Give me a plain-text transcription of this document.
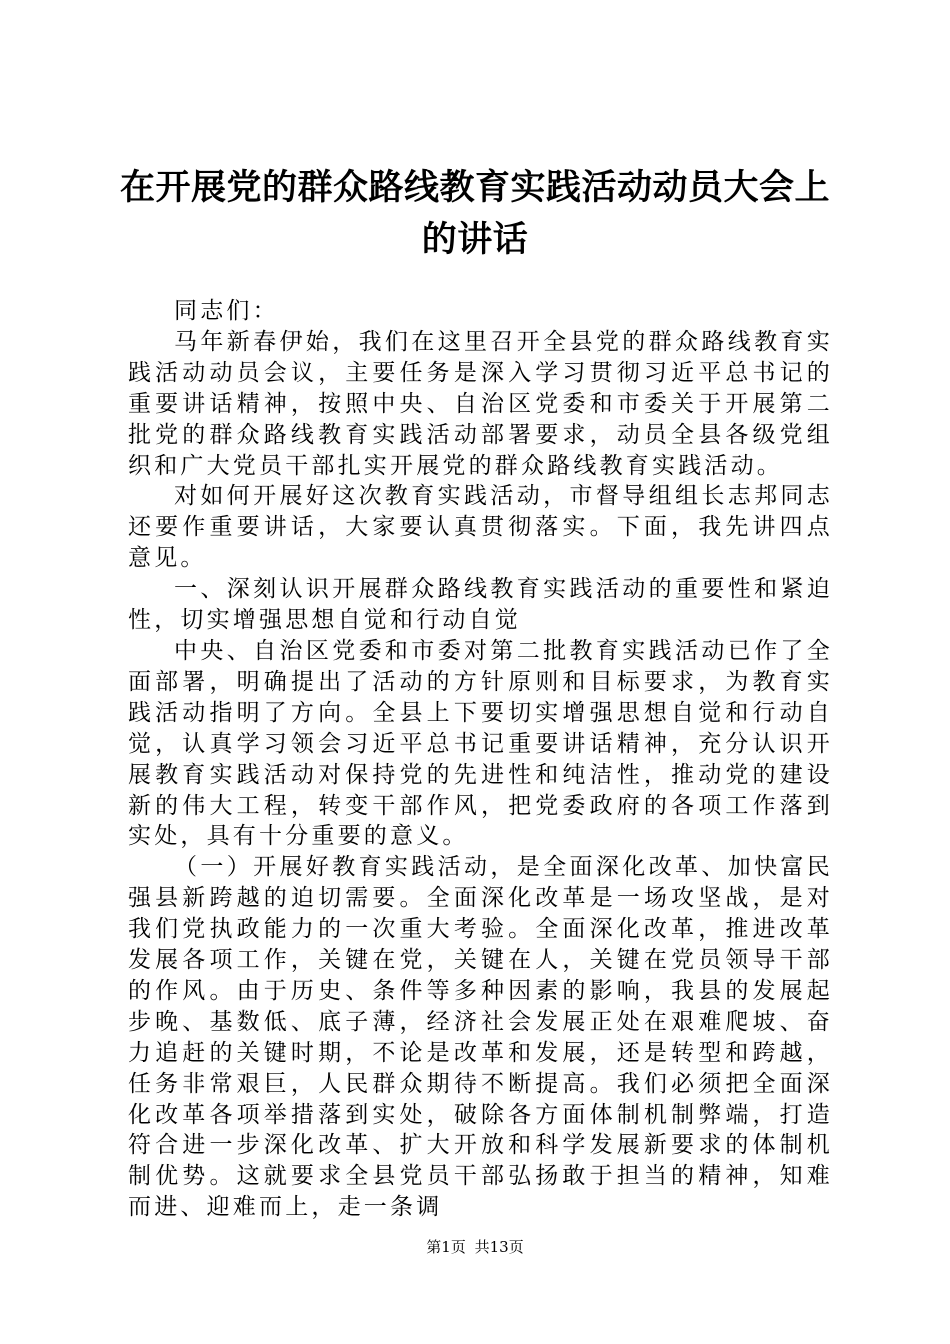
在开展党的群众路线教育实践活动动员大会上的讲话

同志们：

马年新春伊始，我们在这里召开全县党的群众路线教育实践活动动员会议，主要任务是深入学习贯彻习近平总书记的重要讲话精神，按照中央、自治区党委和市委关于开展第二批党的群众路线教育实践活动部署要求，动员全县各级党组织和广大党员干部扎实开展党的群众路线教育实践活动。

对如何开展好这次教育实践活动，市督导组组长志邦同志还要作重要讲话，大家要认真贯彻落实。下面，我先讲四点意见。

一、深刻认识开展群众路线教育实践活动的重要性和紧迫性，切实增强思想自觉和行动自觉

中央、自治区党委和市委对第二批教育实践活动已作了全面部署，明确提出了活动的方针原则和目标要求，为教育实践活动指明了方向。全县上下要切实增强思想自觉和行动自觉，认真学习领会习近平总书记重要讲话精神，充分认识开展教育实践活动对保持党的先进性和纯洁性，推动党的建设新的伟大工程，转变干部作风，把党委政府的各项工作落到实处，具有十分重要的意义。

（一）开展好教育实践活动，是全面深化改革、加快富民强县新跨越的迫切需要。全面深化改革是一场攻坚战，是对我们党执政能力的一次重大考验。全面深化改革，推进改革发展各项工作，关键在党，关键在人，关键在党员领导干部的作风。由于历史、条件等多种因素的影响，我县的发展起步晚、基数低、底子薄，经济社会发展正处在艰难爬坡、奋力追赶的关键时期，不论是改革和发展，还是转型和跨越，任务非常艰巨，人民群众期待不断提高。我们必须把全面深化改革各项举措落到实处，破除各方面体制机制弊端，打造符合进一步深化改革、扩大开放和科学发展新要求的体制机制优势。这就要求全县党员干部弘扬敢于担当的精神，知难而进、迎难而上，走一条调

第1页 共13页
